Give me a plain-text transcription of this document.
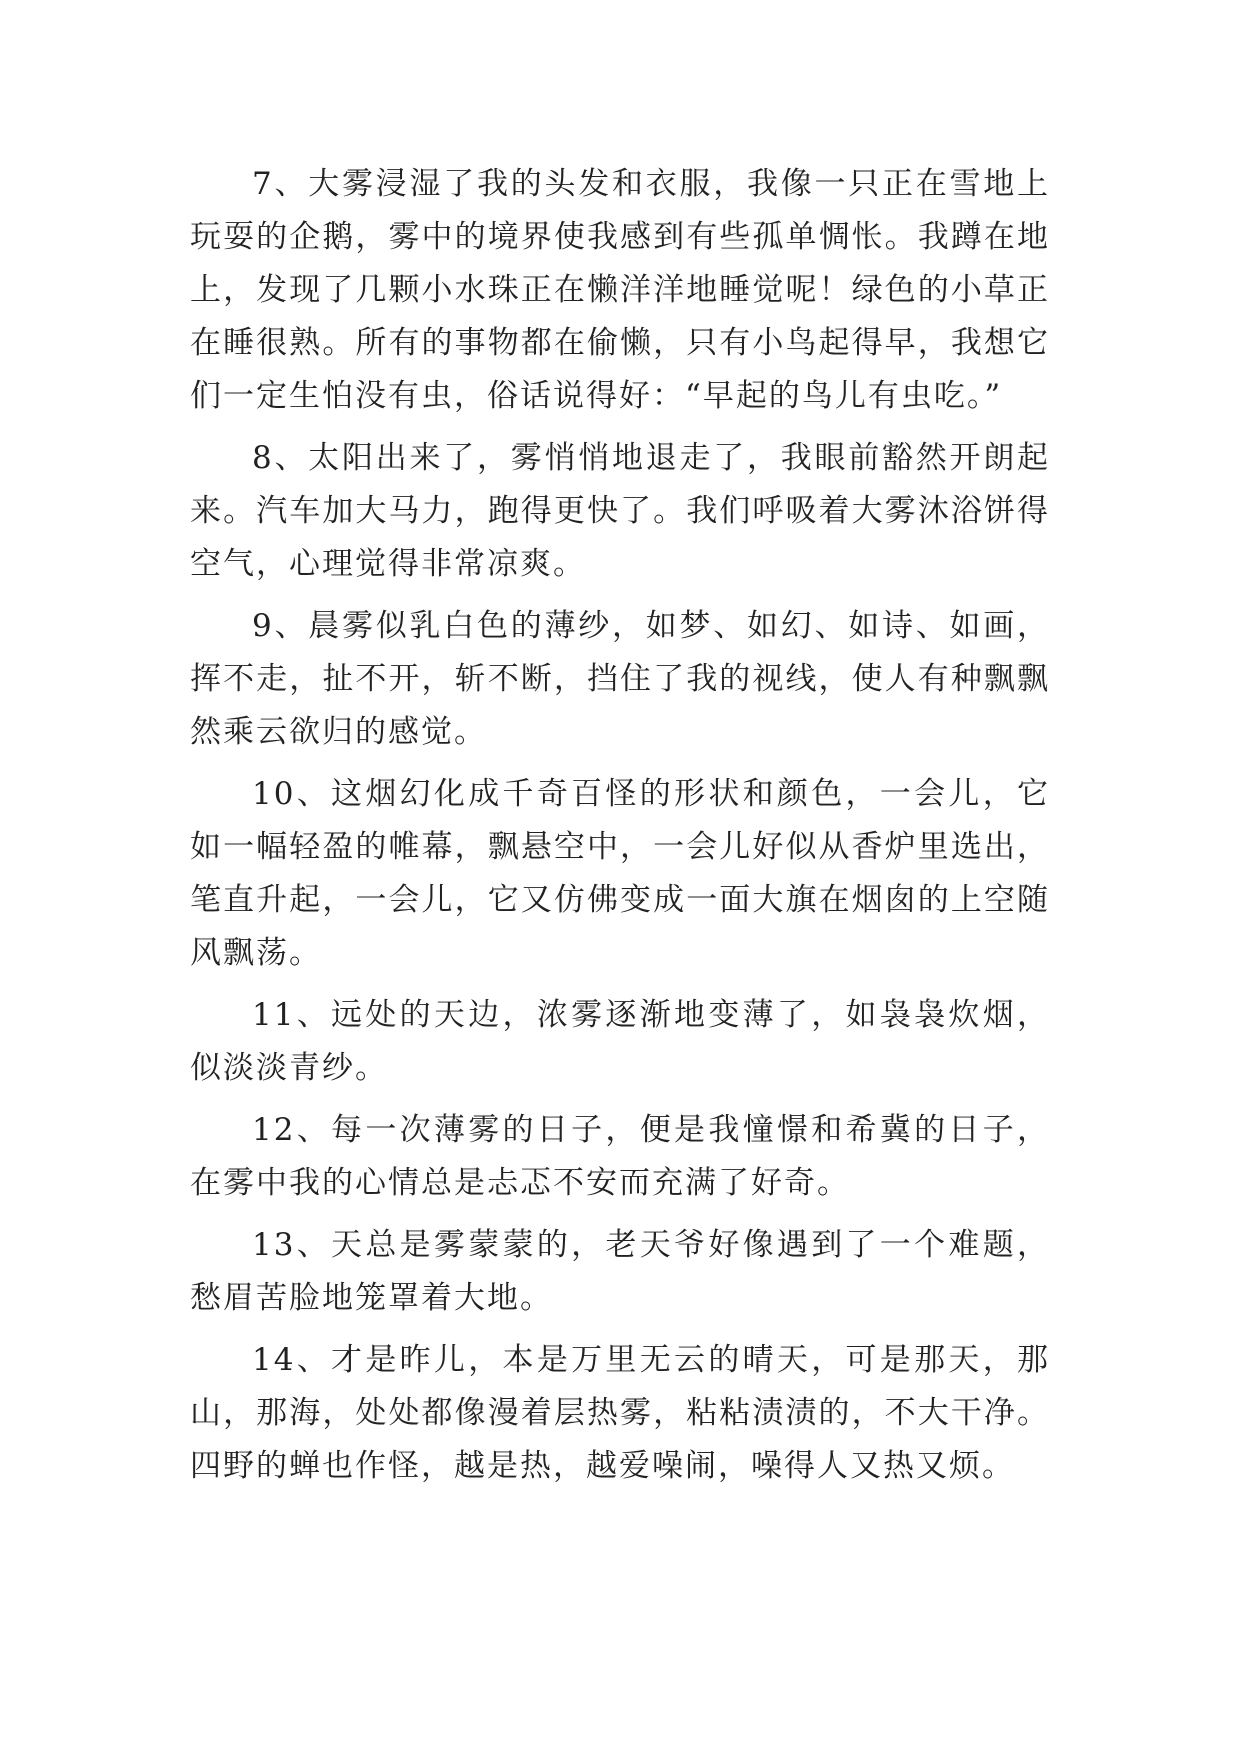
7、大雾浸湿了我的头发和衣服，我像一只正在雪地上玩耍的企鹅，雾中的境界使我感到有些孤单惆怅。我蹲在地上，发现了几颗小水珠正在懒洋洋地睡觉呢！绿色的小草正在睡很熟。所有的事物都在偷懒，只有小鸟起得早，我想它们一定生怕没有虫，俗话说得好：“早起的鸟儿有虫吃。”

8、太阳出来了，雾悄悄地退走了，我眼前豁然开朗起来。汽车加大马力，跑得更快了。我们呼吸着大雾沐浴饼得空气，心理觉得非常凉爽。

9、晨雾似乳白色的薄纱，如梦、如幻、如诗、如画，挥不走，扯不开，斩不断，挡住了我的视线，使人有种飘飘然乘云欲归的感觉。

10、这烟幻化成千奇百怪的形状和颜色，一会儿，它如一幅轻盈的帷幕，飘悬空中，一会儿好似从香炉里选出，笔直升起，一会儿，它又仿佛变成一面大旗在烟囱的上空随风飘荡。

11、远处的天边，浓雾逐渐地变薄了，如袅袅炊烟，似淡淡青纱。

12、每一次薄雾的日子，便是我憧憬和希冀的日子，在雾中我的心情总是忐忑不安而充满了好奇。

13、天总是雾蒙蒙的，老天爷好像遇到了一个难题，愁眉苦脸地笼罩着大地。

14、才是昨儿，本是万里无云的晴天，可是那天，那山，那海，处处都像漫着层热雾，粘粘渍渍的，不大干净。四野的蝉也作怪，越是热，越爱噪闹，噪得人又热又烦。
